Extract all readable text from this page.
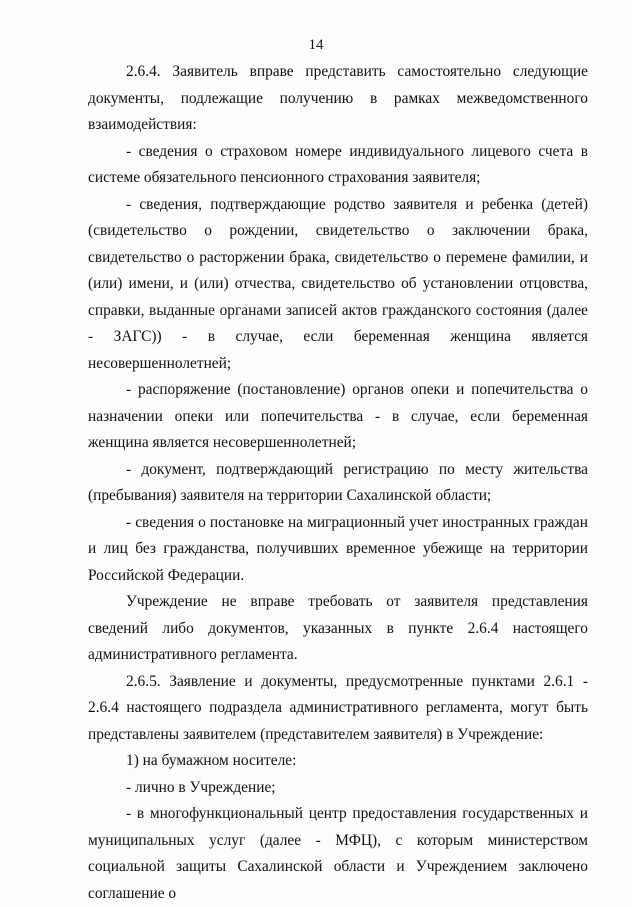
14

2.6.4. Заявитель вправе представить самостоятельно следующие документы, подлежащие получению в рамках межведомственного взаимодействия:

- сведения о страховом номере индивидуального лицевого счета в системе обязательного пенсионного страхования заявителя;

- сведения, подтверждающие родство заявителя и ребенка (детей) (свидетельство о рождении, свидетельство о заключении брака, свидетельство о расторжении брака, свидетельство о перемене фамилии, и (или) имени, и (или) отчества, свидетельство об установлении отцовства, справки, выданные органами записей актов гражданского состояния (далее - ЗАГС)) - в случае, если беременная женщина является несовершеннолетней;

- распоряжение (постановление) органов опеки и попечительства о назначении опеки или попечительства - в случае, если беременная женщина является несовершеннолетней;

- документ, подтверждающий регистрацию по месту жительства (пребывания) заявителя на территории Сахалинской области;

- сведения о постановке на миграционный учет иностранных граждан и лиц без гражданства, получивших временное убежище на территории Российской Федерации.

Учреждение не вправе требовать от заявителя представления сведений либо документов, указанных в пункте 2.6.4 настоящего административного регламента.

2.6.5. Заявление и документы, предусмотренные пунктами 2.6.1 - 2.6.4 настоящего подраздела административного регламента, могут быть представлены заявителем (представителем заявителя) в Учреждение:

1) на бумажном носителе:

- лично в Учреждение;

- в многофункциональный центр предоставления государственных и муниципальных услуг (далее - МФЦ), с которым министерством социальной защиты Сахалинской области и Учреждением заключено соглашение о
